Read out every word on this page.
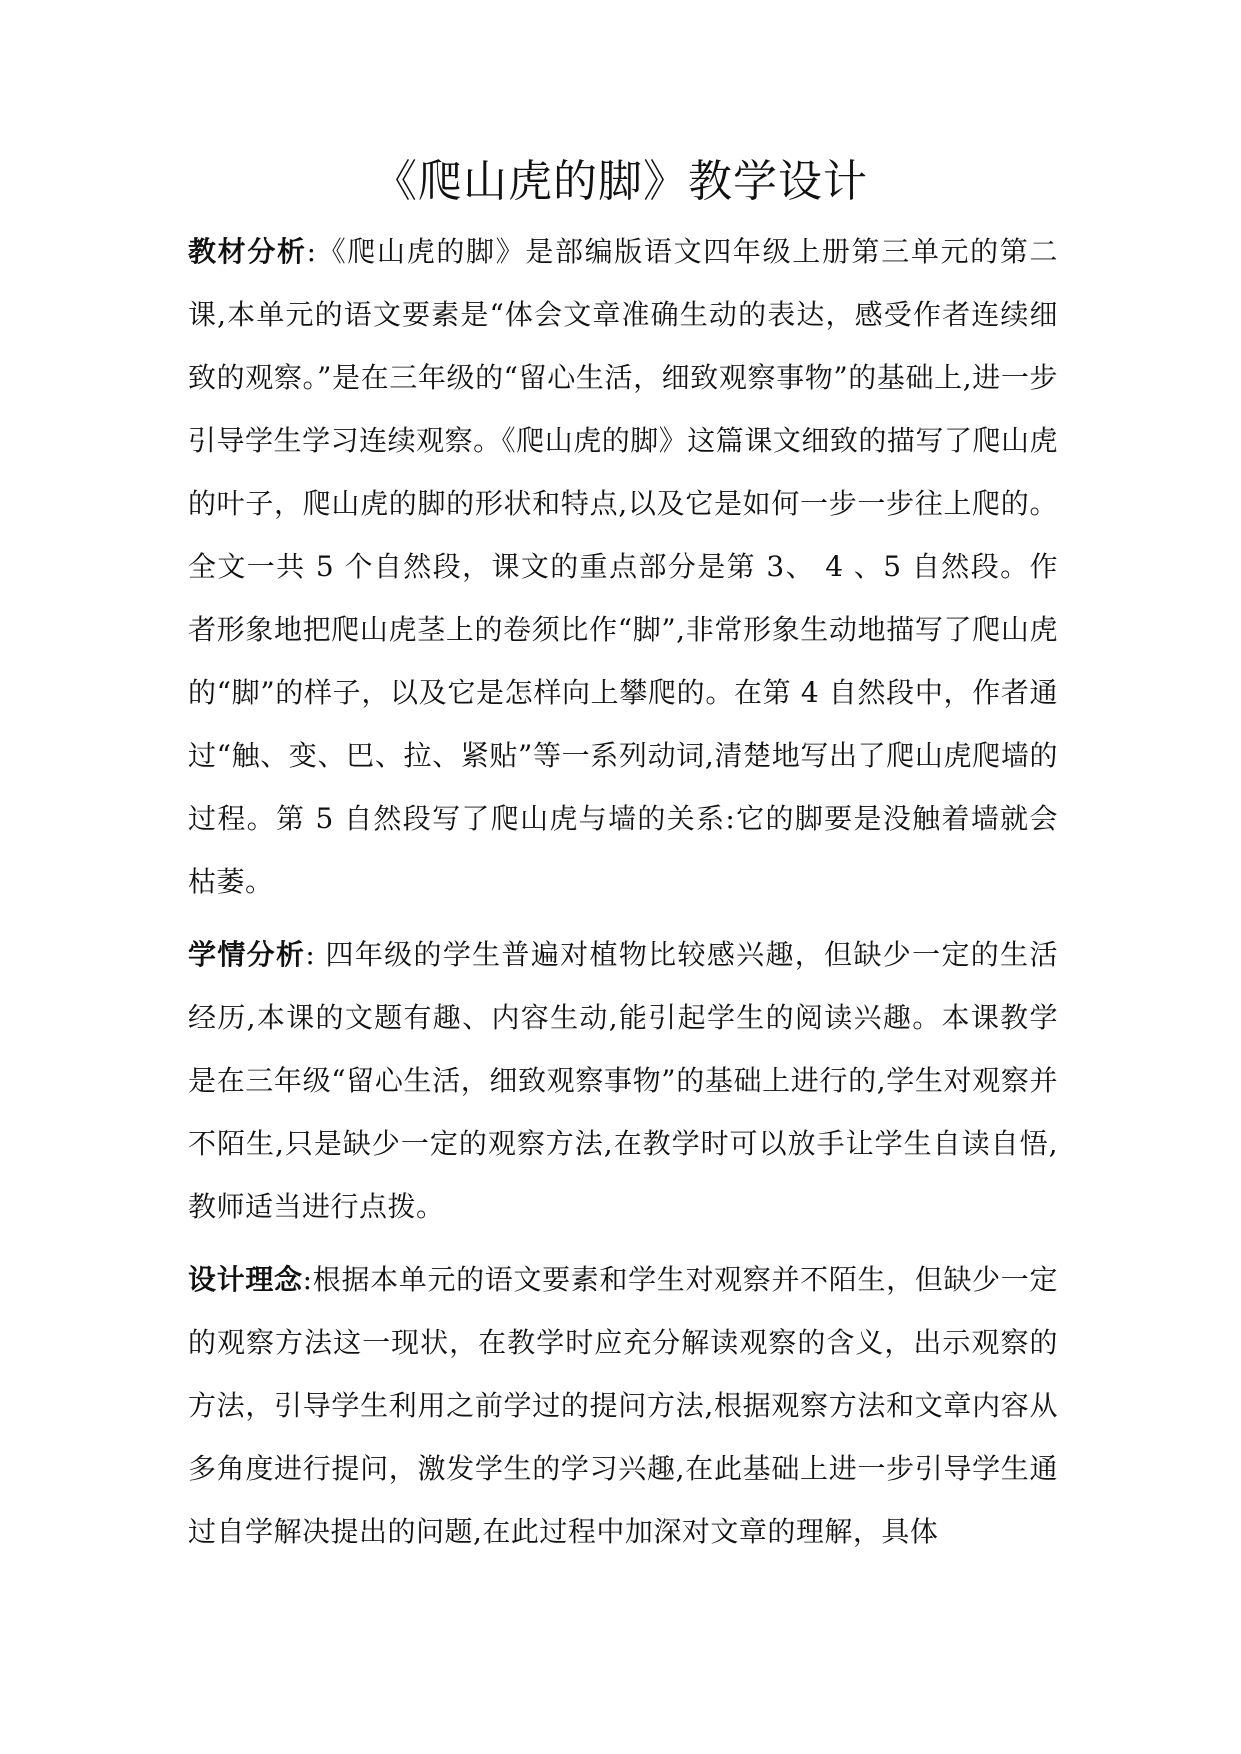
《爬山虎的脚》教学设计

教材分析:《爬山虎的脚》是部编版语文四年级上册第三单元的第二课,本单元的语文要素是“体会文章准确生动的表达，感受作者连续细致的观察。”是在三年级的“留心生活，细致观察事物”的基础上,进一步引导学生学习连续观察。《爬山虎的脚》这篇课文细致的描写了爬山虎的叶子，爬山虎的脚的形状和特点,以及它是如何一步一步往上爬的。全文一共 5 个自然段，课文的重点部分是第 3、 4 、5 自然段。作者形象地把爬山虎茎上的卷须比作“脚”,非常形象生动地描写了爬山虎的“脚”的样子，以及它是怎样向上攀爬的。在第 4 自然段中，作者通过“触、变、巴、拉、紧贴”等一系列动词,清楚地写出了爬山虎爬墙的过程。第 5 自然段写了爬山虎与墙的关系:它的脚要是没触着墙就会枯萎。

学情分析: 四年级的学生普遍对植物比较感兴趣，但缺少一定的生活经历,本课的文题有趣、内容生动,能引起学生的阅读兴趣。本课教学是在三年级“留心生活，细致观察事物”的基础上进行的,学生对观察并不陌生,只是缺少一定的观察方法,在教学时可以放手让学生自读自悟,教师适当进行点拨。

设计理念:根据本单元的语文要素和学生对观察并不陌生，但缺少一定的观察方法这一现状，在教学时应充分解读观察的含义，出示观察的方法，引导学生利用之前学过的提问方法,根据观察方法和文章内容从多角度进行提问，激发学生的学习兴趣,在此基础上进一步引导学生通过自学解决提出的问题,在此过程中加深对文章的理解，具体
